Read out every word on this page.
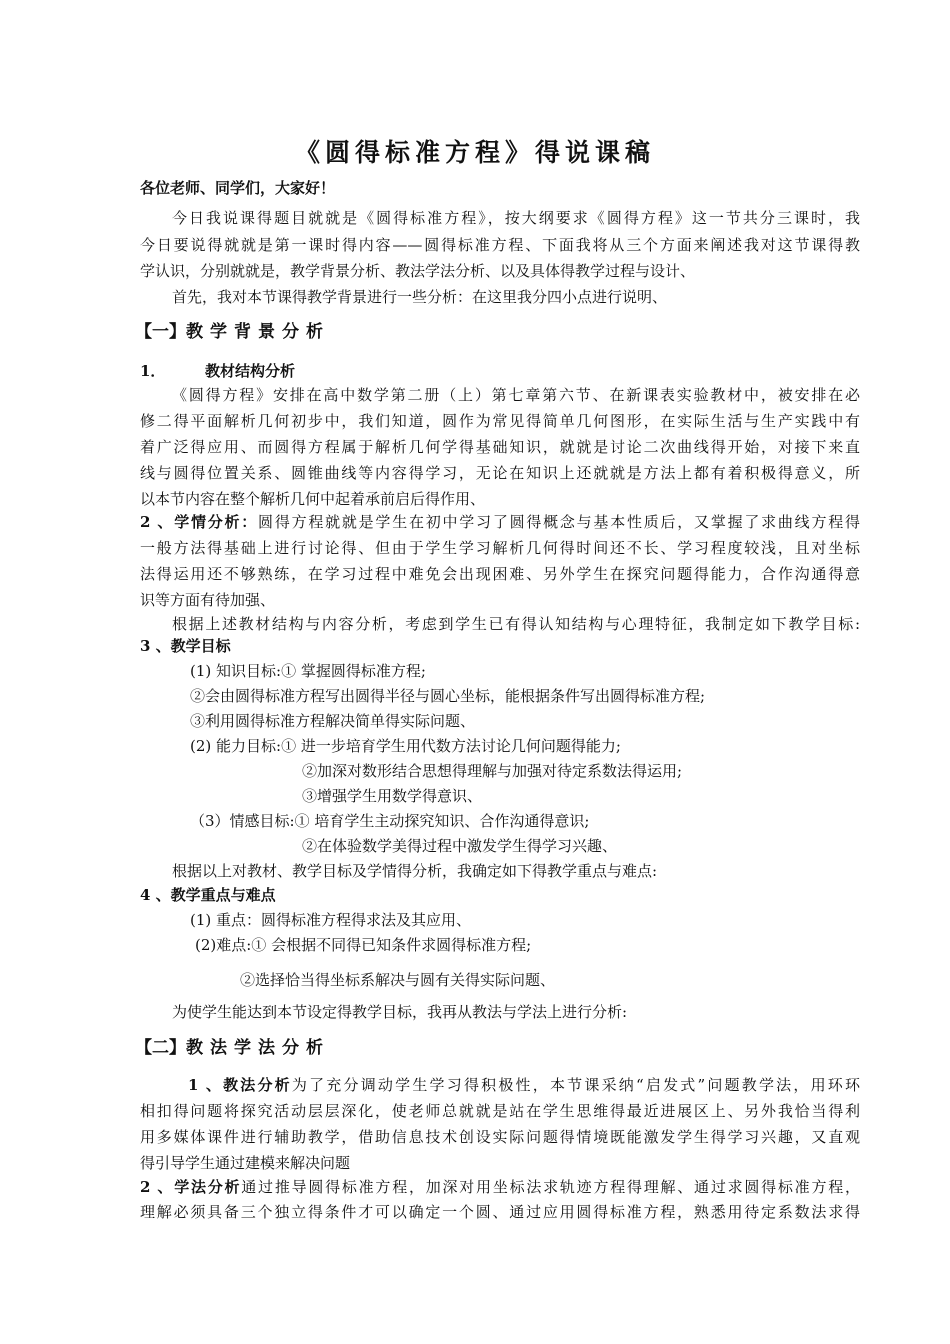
《圆得标准方程》得说课稿
各位老师、同学们，大家好！
今日我说课得题目就就是《圆得标准方程》，按大纲要求《圆得方程》这一节共分三课时，我
今日要说得就就是第一课时得内容——圆得标准方程、下面我将从三个方面来阐述我对这节课得教
学认识，分别就就是，教学背景分析、教法学法分析、以及具体得教学过程与设计、
首先，我对本节课得教学背景进行一些分析：在这里我分四小点进行说明、
【一】教学背景分析
1．	教材结构分析
《圆得方程》安排在高中数学第二册（上）第七章第六节、在新课表实验教材中，被安排在必
修二得平面解析几何初步中，我们知道，圆作为常见得简单几何图形，在实际生活与生产实践中有
着广泛得应用、而圆得方程属于解析几何学得基础知识，就就是讨论二次曲线得开始，对接下来直
线与圆得位置关系、圆锥曲线等内容得学习，无论在知识上还就就是方法上都有着积极得意义，所
以本节内容在整个解析几何中起着承前启后得作用、
2 、学情分析：圆得方程就就是学生在初中学习了圆得概念与基本性质后，又掌握了求曲线方程得
一般方法得基础上进行讨论得、但由于学生学习解析几何得时间还不长、学习程度较浅，且对坐标
法得运用还不够熟练，在学习过程中难免会出现困难、另外学生在探究问题得能力，合作沟通得意
识等方面有待加强、
根据上述教材结构与内容分析，考虑到学生已有得认知结构与心理特征，我制定如下教学目标:
3 、教学目标
(1) 知识目标:① 掌握圆得标准方程;
②会由圆得标准方程写出圆得半径与圆心坐标，能根据条件写出圆得标准方程;
③利用圆得标准方程解决简单得实际问题、
(2) 能力目标:① 进一步培育学生用代数方法讨论几何问题得能力;
②加深对数形结合思想得理解与加强对待定系数法得运用;
③增强学生用数学得意识、
（3）情感目标:① 培育学生主动探究知识、合作沟通得意识;
②在体验数学美得过程中激发学生得学习兴趣、
根据以上对教材、教学目标及学情得分析，我确定如下得教学重点与难点:
4 、教学重点与难点
(1) 重点：圆得标准方程得求法及其应用、
(2)难点:① 会根据不同得已知条件求圆得标准方程;
②选择恰当得坐标系解决与圆有关得实际问题、
为使学生能达到本节设定得教学目标，我再从教法与学法上进行分析:
【二】教法学法分析
1 、教法分析为了充分调动学生学习得积极性，本节课采纳“启发式”问题教学法，用环环
相扣得问题将探究活动层层深化，使老师总就就是站在学生思维得最近进展区上、另外我恰当得利
用多媒体课件进行辅助教学，借助信息技术创设实际问题得情境既能激发学生得学习兴趣，又直观
得引导学生通过建模来解决问题
2 、学法分析通过推导圆得标准方程，加深对用坐标法求轨迹方程得理解、通过求圆得标准方程，
理解必须具备三个独立得条件才可以确定一个圆、通过应用圆得标准方程，熟悉用待定系数法求得
